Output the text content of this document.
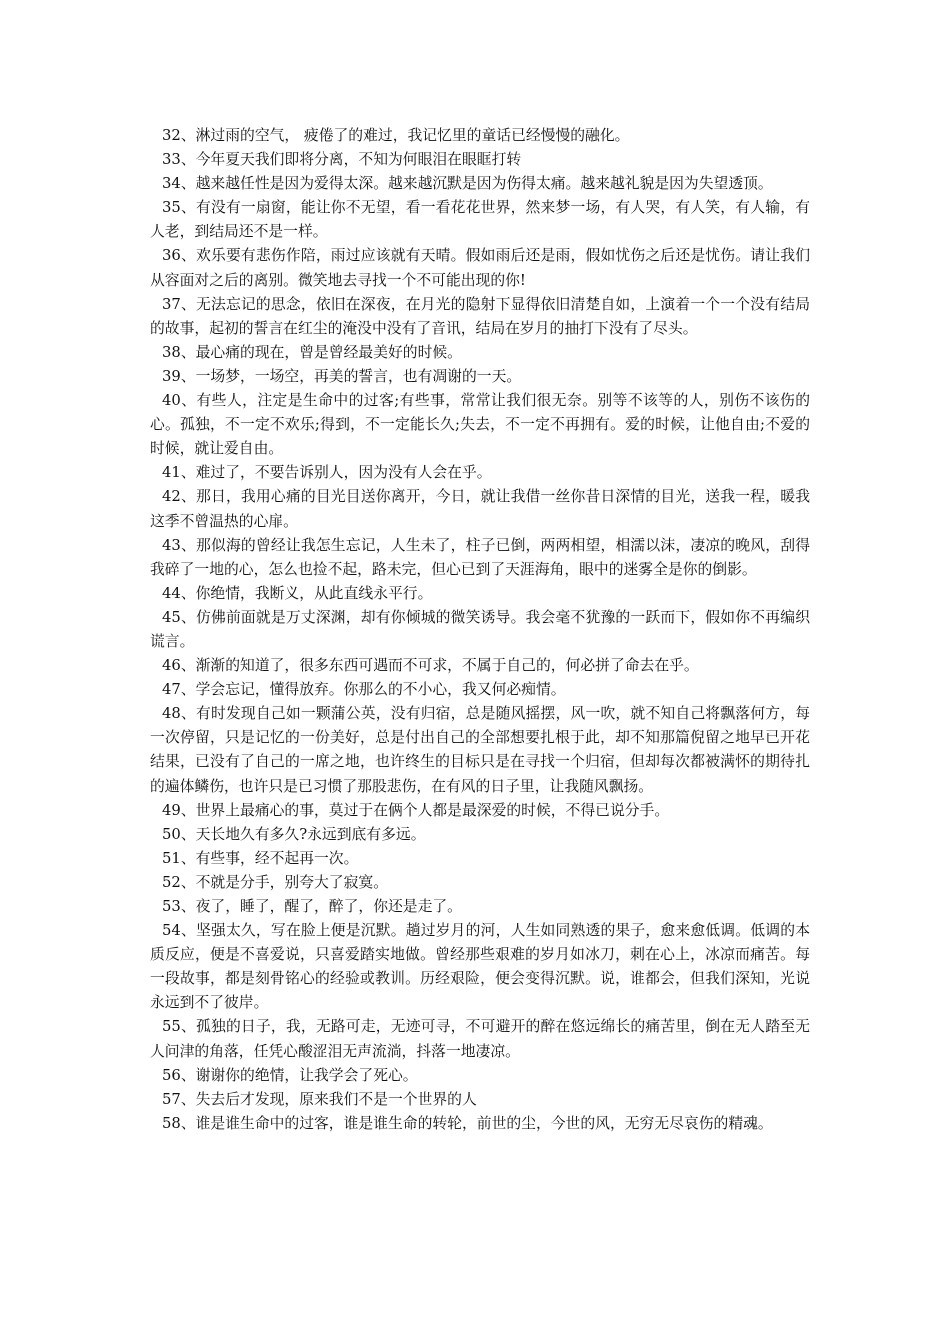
32、淋过雨的空气， 疲倦了的难过，我记忆里的童话已经慢慢的融化。

33、今年夏天我们即将分离，不知为何眼泪在眼眶打转

34、越来越任性是因为爱得太深。越来越沉默是因为伤得太痛。越来越礼貌是因为失望透顶。

35、有没有一扇窗，能让你不无望，看一看花花世界，然来梦一场，有人哭，有人笑，有人输，有人老，到结局还不是一样。

36、欢乐要有悲伤作陪，雨过应该就有天晴。假如雨后还是雨，假如忧伤之后还是忧伤。请让我们从容面对之后的离别。微笑地去寻找一个不可能出现的你!

37、无法忘记的思念，依旧在深夜，在月光的隐射下显得依旧清楚自如，上演着一个一个没有结局的故事，起初的誓言在红尘的淹没中没有了音讯，结局在岁月的抽打下没有了尽头。

38、最心痛的现在，曾是曾经最美好的时候。

39、一场梦，一场空，再美的誓言，也有凋谢的一天。

40、有些人，注定是生命中的过客;有些事，常常让我们很无奈。别等不该等的人，别伤不该伤的心。孤独，不一定不欢乐;得到，不一定能长久;失去，不一定不再拥有。爱的时候，让他自由;不爱的时候，就让爱自由。

41、难过了，不要告诉别人，因为没有人会在乎。

42、那日，我用心痛的目光目送你离开，今日，就让我借一丝你昔日深情的目光，送我一程，暖我这季不曾温热的心扉。

43、那似海的曾经让我怎生忘记，人生未了，柱子已倒，两两相望，相濡以沫，凄凉的晚风，刮得我碎了一地的心，怎么也捡不起，路未完，但心已到了天涯海角，眼中的迷雾全是你的倒影。

44、你绝情，我断义，从此直线永平行。

45、仿佛前面就是万丈深渊，却有你倾城的微笑诱导。我会毫不犹豫的一跃而下，假如你不再编织谎言。

46、渐渐的知道了，很多东西可遇而不可求，不属于自己的，何必拼了命去在乎。

47、学会忘记，懂得放弃。你那么的不小心，我又何必痴情。

48、有时发现自己如一颗蒲公英，没有归宿，总是随风摇摆，风一吹，就不知自己将飘落何方，每一次停留，只是记忆的一份美好，总是付出自己的全部想要扎根于此，却不知那篇倪留之地早已开花结果，已没有了自己的一席之地，也许终生的目标只是在寻找一个归宿，但却每次都被满怀的期待扎的遍体鳞伤，也许只是已习惯了那股悲伤，在有风的日子里，让我随风飘扬。

49、世界上最痛心的事，莫过于在俩个人都是最深爱的时候，不得已说分手。

50、天长地久有多久?永远到底有多远。

51、有些事，经不起再一次。

52、不就是分手，别夸大了寂寞。

53、夜了，睡了，醒了，醉了，你还是走了。

54、坚强太久，写在脸上便是沉默。趟过岁月的河，人生如同熟透的果子，愈来愈低调。低调的本质反应，便是不喜爱说，只喜爱踏实地做。曾经那些艰难的岁月如冰刀，刺在心上，冰凉而痛苦。每一段故事，都是刻骨铭心的经验或教训。历经艰险，便会变得沉默。说，谁都会，但我们深知，光说永远到不了彼岸。

55、孤独的日子，我，无路可走，无迹可寻，不可避开的醉在悠远绵长的痛苦里，倒在无人踏至无人问津的角落，任凭心酸涩泪无声流淌，抖落一地凄凉。

56、谢谢你的绝情，让我学会了死心。

57、失去后才发现，原来我们不是一个世界的人

58、谁是谁生命中的过客，谁是谁生命的转轮，前世的尘，今世的风，无穷无尽哀伤的精魂。
